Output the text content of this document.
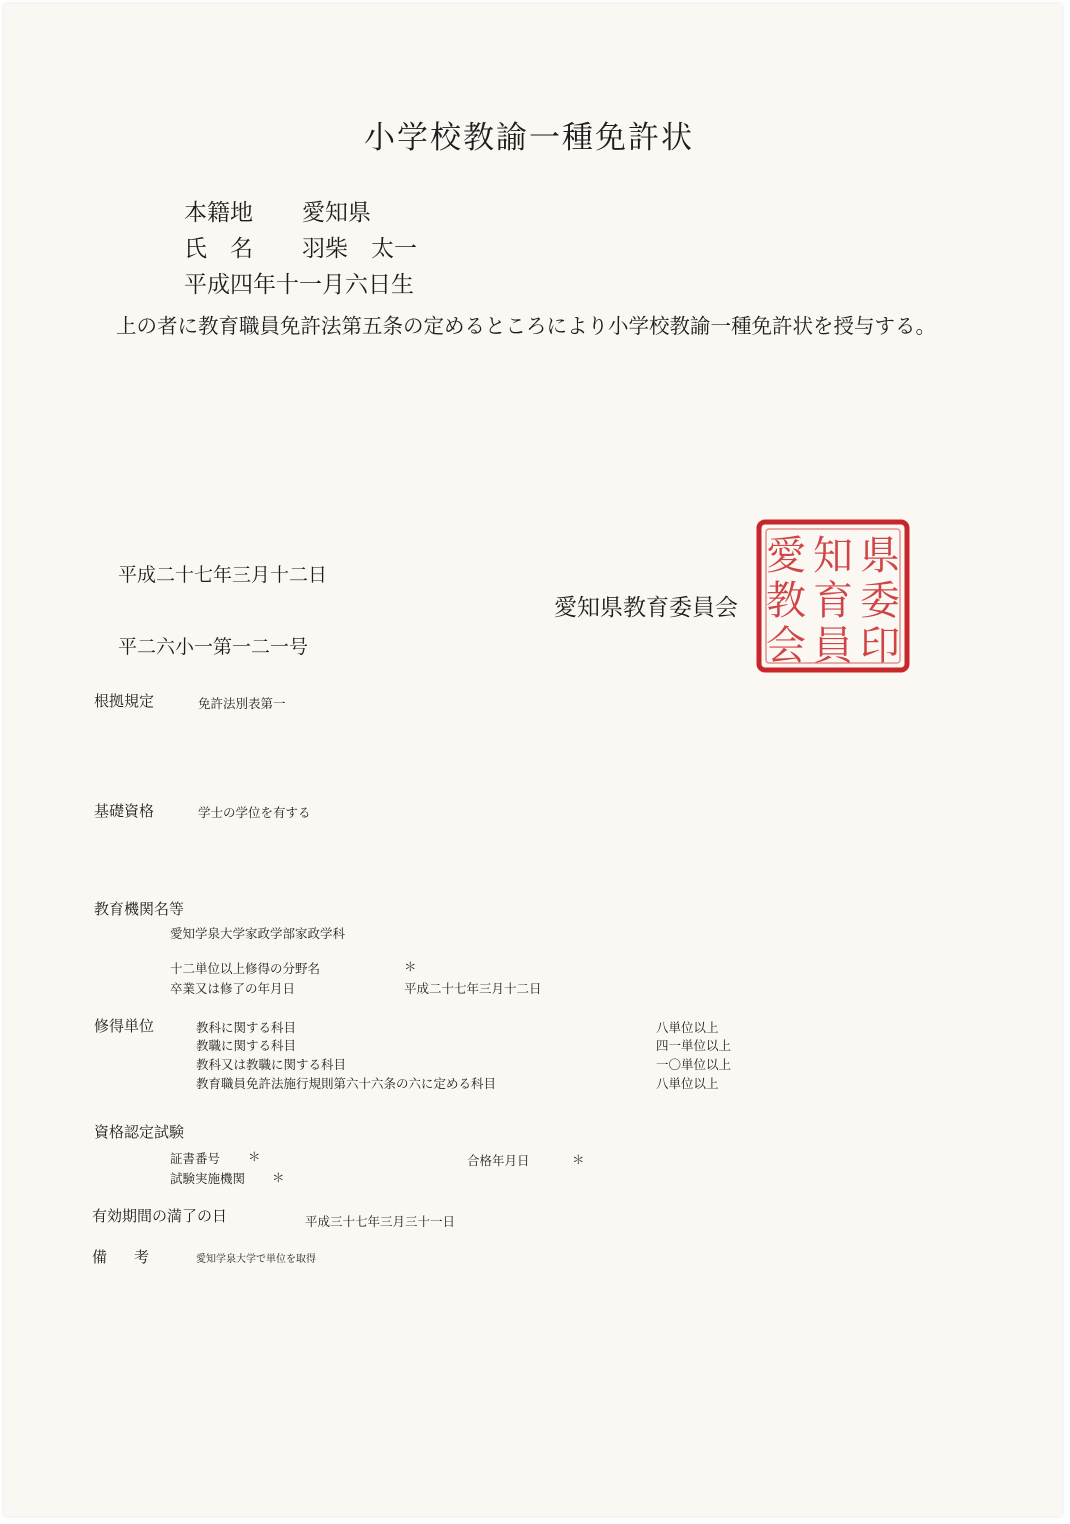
小学校教諭一種免許状
本籍地 愛知県
氏　名 羽柴　太一
平成四年十一月六日生
上の者に教育職員免許法第五条の定めるところにより小学校教諭一種免許状を授与する。
平成二十七年三月十二日
平二六小一第一二一号
愛知県教育委員会
県
委
印
知
育
員
愛
教
会
根拠規定	免許法別表第一
基礎資格	学士の学位を有する
教育機関名等
愛知学泉大学家政学部家政学科
十二単位以上修得の分野名	＊
卒業又は修了の年月日	平成二十七年三月十二日
修得単位	教科に関する科目	八単位以上
教職に関する科目	四一単位以上
教科又は教職に関する科目	一〇単位以上
教育職員免許法施行規則第六十六条の六に定める科目	八単位以上
資格認定試験
証書番号 ＊	合格年月日	＊
試験実施機関 ＊
有効期間の満了の日	平成三十七年三月三十一日
備　考	愛知学泉大学で単位を取得
